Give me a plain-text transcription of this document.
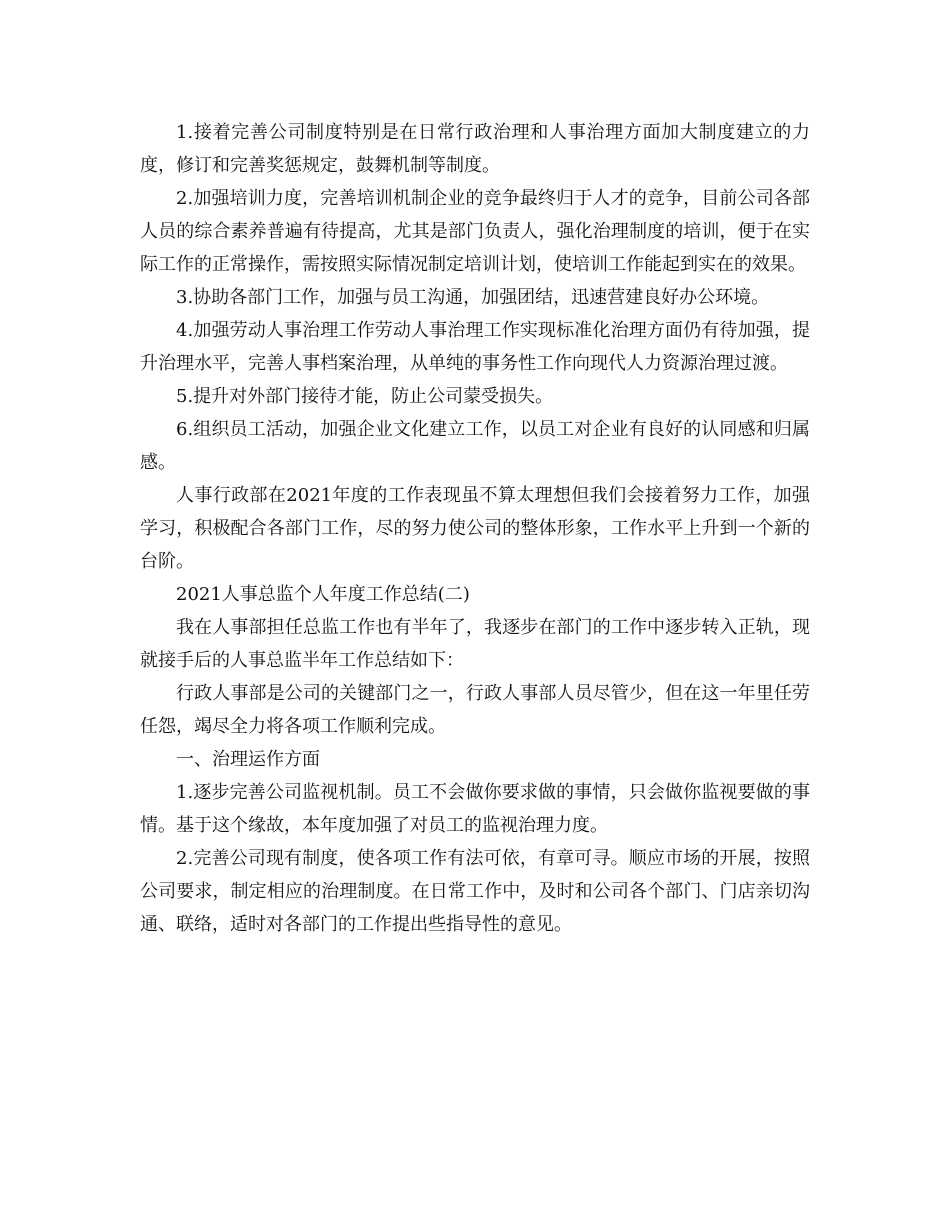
1.接着完善公司制度特别是在日常行政治理和人事治理方面加大制度建立的力度，修订和完善奖惩规定，鼓舞机制等制度。

2.加强培训力度，完善培训机制企业的竞争最终归于人才的竞争，目前公司各部人员的综合素养普遍有待提高，尤其是部门负责人，强化治理制度的培训，便于在实际工作的正常操作，需按照实际情况制定培训计划，使培训工作能起到实在的效果。

3.协助各部门工作，加强与员工沟通，加强团结，迅速营建良好办公环境。

4.加强劳动人事治理工作劳动人事治理工作实现标准化治理方面仍有待加强，提升治理水平，完善人事档案治理，从单纯的事务性工作向现代人力资源治理过渡。

5.提升对外部门接待才能，防止公司蒙受损失。

6.组织员工活动，加强企业文化建立工作，以员工对企业有良好的认同感和归属感。

人事行政部在2021年度的工作表现虽不算太理想但我们会接着努力工作，加强学习，积极配合各部门工作，尽的努力使公司的整体形象，工作水平上升到一个新的台阶。

2021人事总监个人年度工作总结(二)

我在人事部担任总监工作也有半年了，我逐步在部门的工作中逐步转入正轨，现就接手后的人事总监半年工作总结如下：

行政人事部是公司的关键部门之一，行政人事部人员尽管少，但在这一年里任劳任怨，竭尽全力将各项工作顺利完成。

一、治理运作方面

1.逐步完善公司监视机制。员工不会做你要求做的事情，只会做你监视要做的事情。基于这个缘故，本年度加强了对员工的监视治理力度。

2.完善公司现有制度，使各项工作有法可依，有章可寻。顺应市场的开展，按照公司要求，制定相应的治理制度。在日常工作中，及时和公司各个部门、门店亲切沟通、联络，适时对各部门的工作提出些指导性的意见。
